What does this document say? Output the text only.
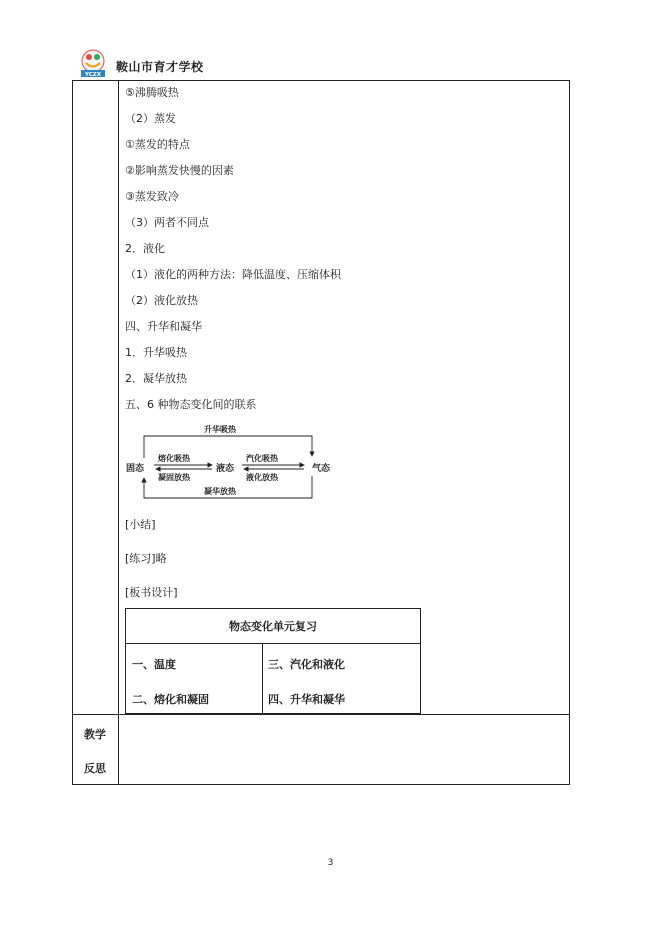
YCZX
鞍山市育才学校
⑤沸腾吸热
（2）蒸发
①蒸发的特点
②影响蒸发快慢的因素
③蒸发致冷
（3）两者不同点
2．液化
（1）液化的两种方法：降低温度、压缩体积
（2）液化放热
四、升华和凝华
1．升华吸热
2．凝华放热
五、6 种物态变化间的联系
固态	液态	气态
升华吸热
熔化吸热
凝固放热
汽化吸热
液化放热
凝华放热
[小结]
[练习]略
[板书设计]
物态变化单元复习
一、温度	三、汽化和液化
二、熔化和凝固	四、升华和凝华
教学
反思
3
